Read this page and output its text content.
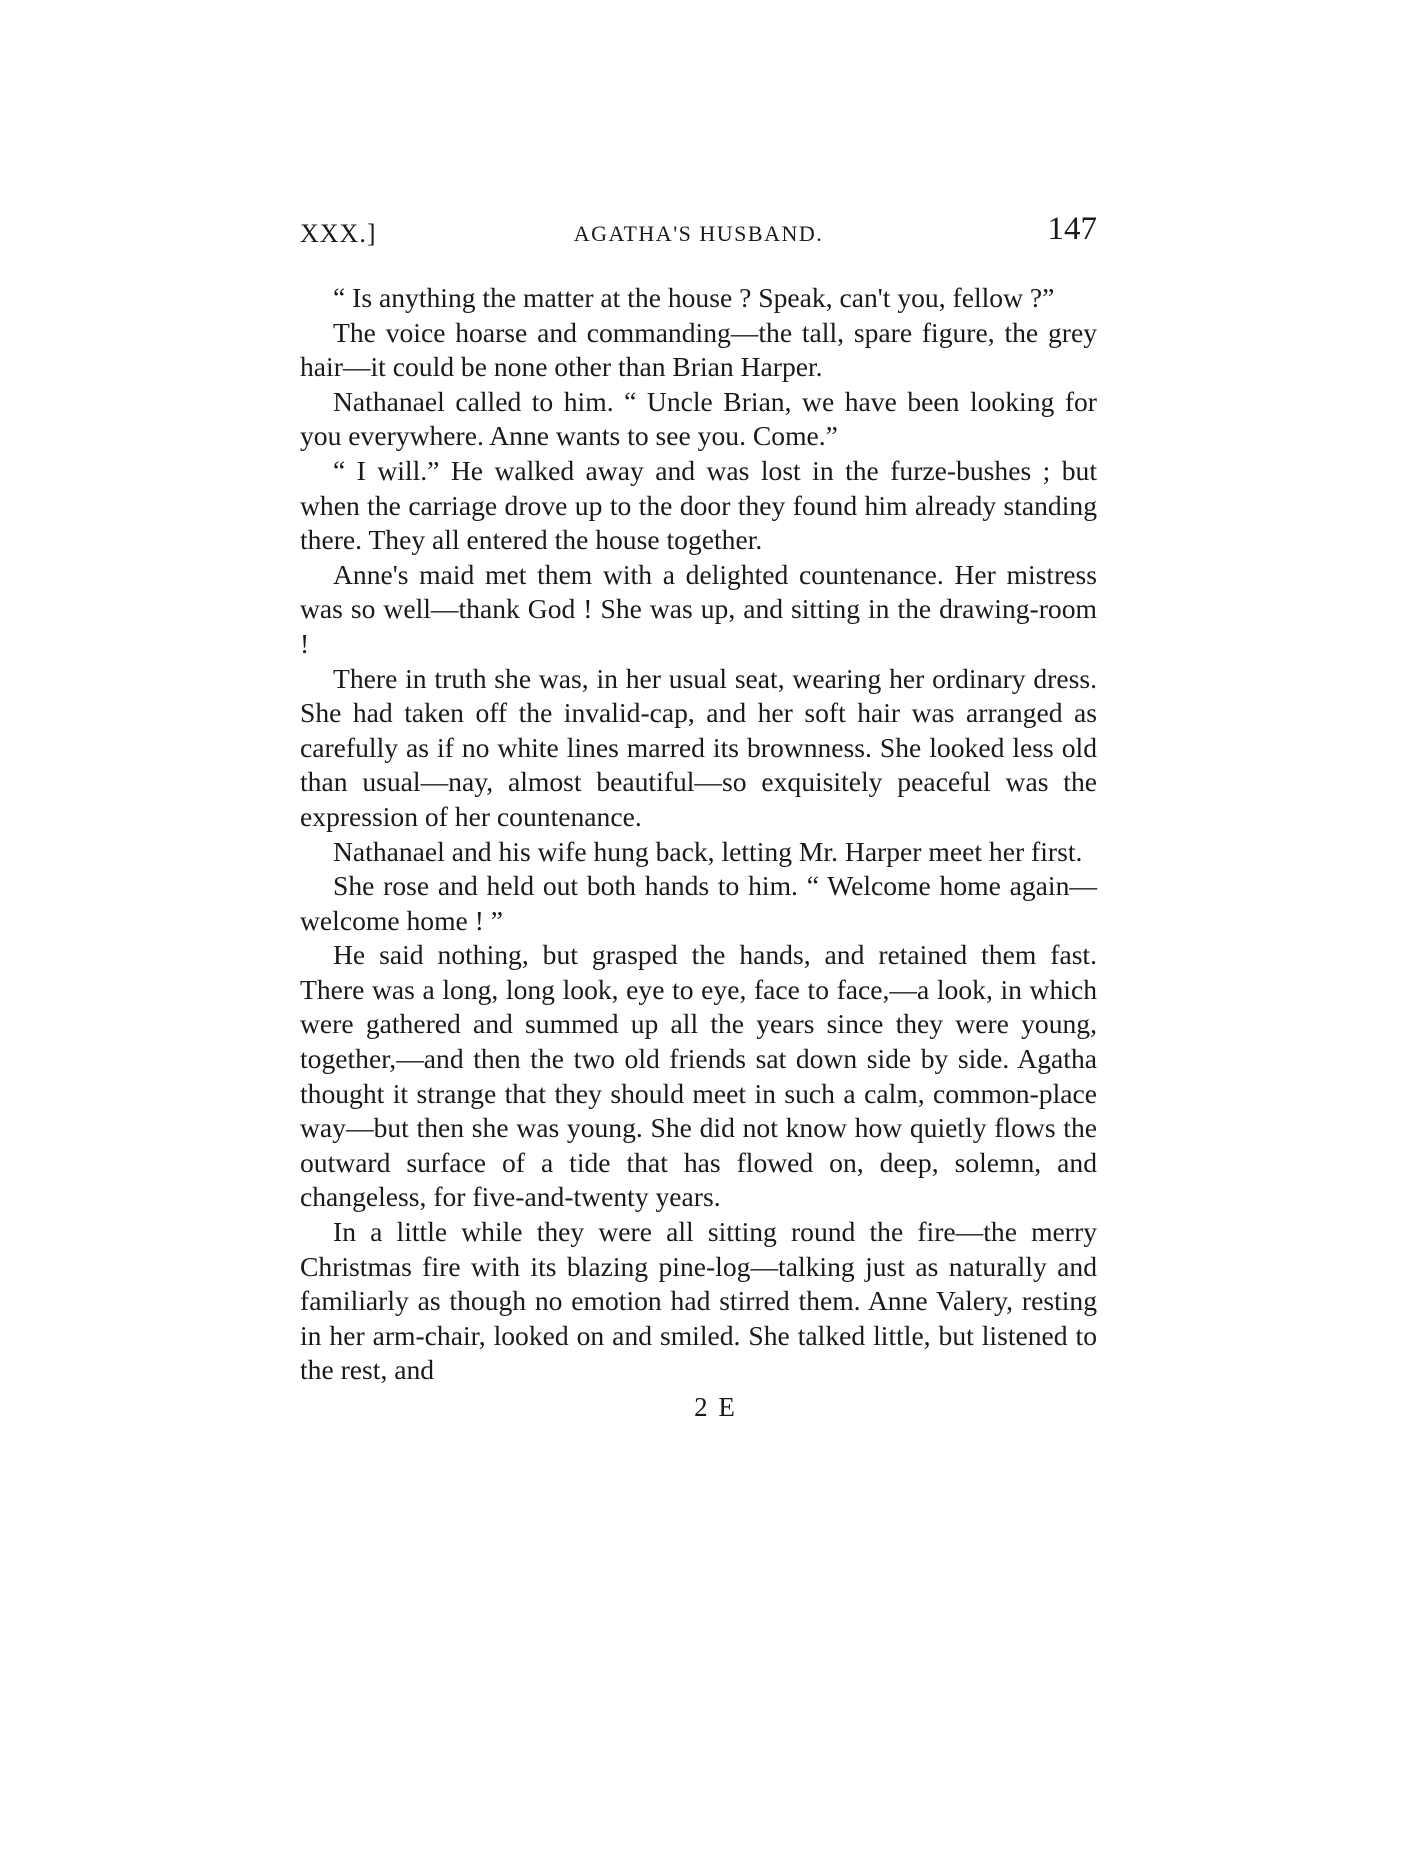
XXX.]	AGATHA'S HUSBAND.	147

“ Is anything the matter at the house ? Speak, can't you, fellow ?”

The voice hoarse and commanding—the tall, spare figure, the grey hair—it could be none other than Brian Harper.

Nathanael called to him. “ Uncle Brian, we have been looking for you everywhere. Anne wants to see you. Come.”

“ I will.” He walked away and was lost in the furze-bushes ; but when the carriage drove up to the door they found him already standing there. They all entered the house together.

Anne's maid met them with a delighted countenance. Her mistress was so well—thank God ! She was up, and sitting in the drawing-room !

There in truth she was, in her usual seat, wearing her ordinary dress. She had taken off the invalid-cap, and her soft hair was arranged as carefully as if no white lines marred its brownness. She looked less old than usual—nay, almost beautiful—so exquisitely peaceful was the expression of her countenance.

Nathanael and his wife hung back, letting Mr. Harper meet her first.

She rose and held out both hands to him. “ Welcome home again—welcome home ! ”

He said nothing, but grasped the hands, and retained them fast. There was a long, long look, eye to eye, face to face,—a look, in which were gathered and summed up all the years since they were young, together,—and then the two old friends sat down side by side. Agatha thought it strange that they should meet in such a calm, common-place way—but then she was young. She did not know how quietly flows the outward surface of a tide that has flowed on, deep, solemn, and changeless, for five-and-twenty years.

In a little while they were all sitting round the fire—the merry Christmas fire with its blazing pine-log—talking just as naturally and familiarly as though no emotion had stirred them. Anne Valery, resting in her arm-chair, looked on and smiled. She talked little, but listened to the rest, and

2 E
